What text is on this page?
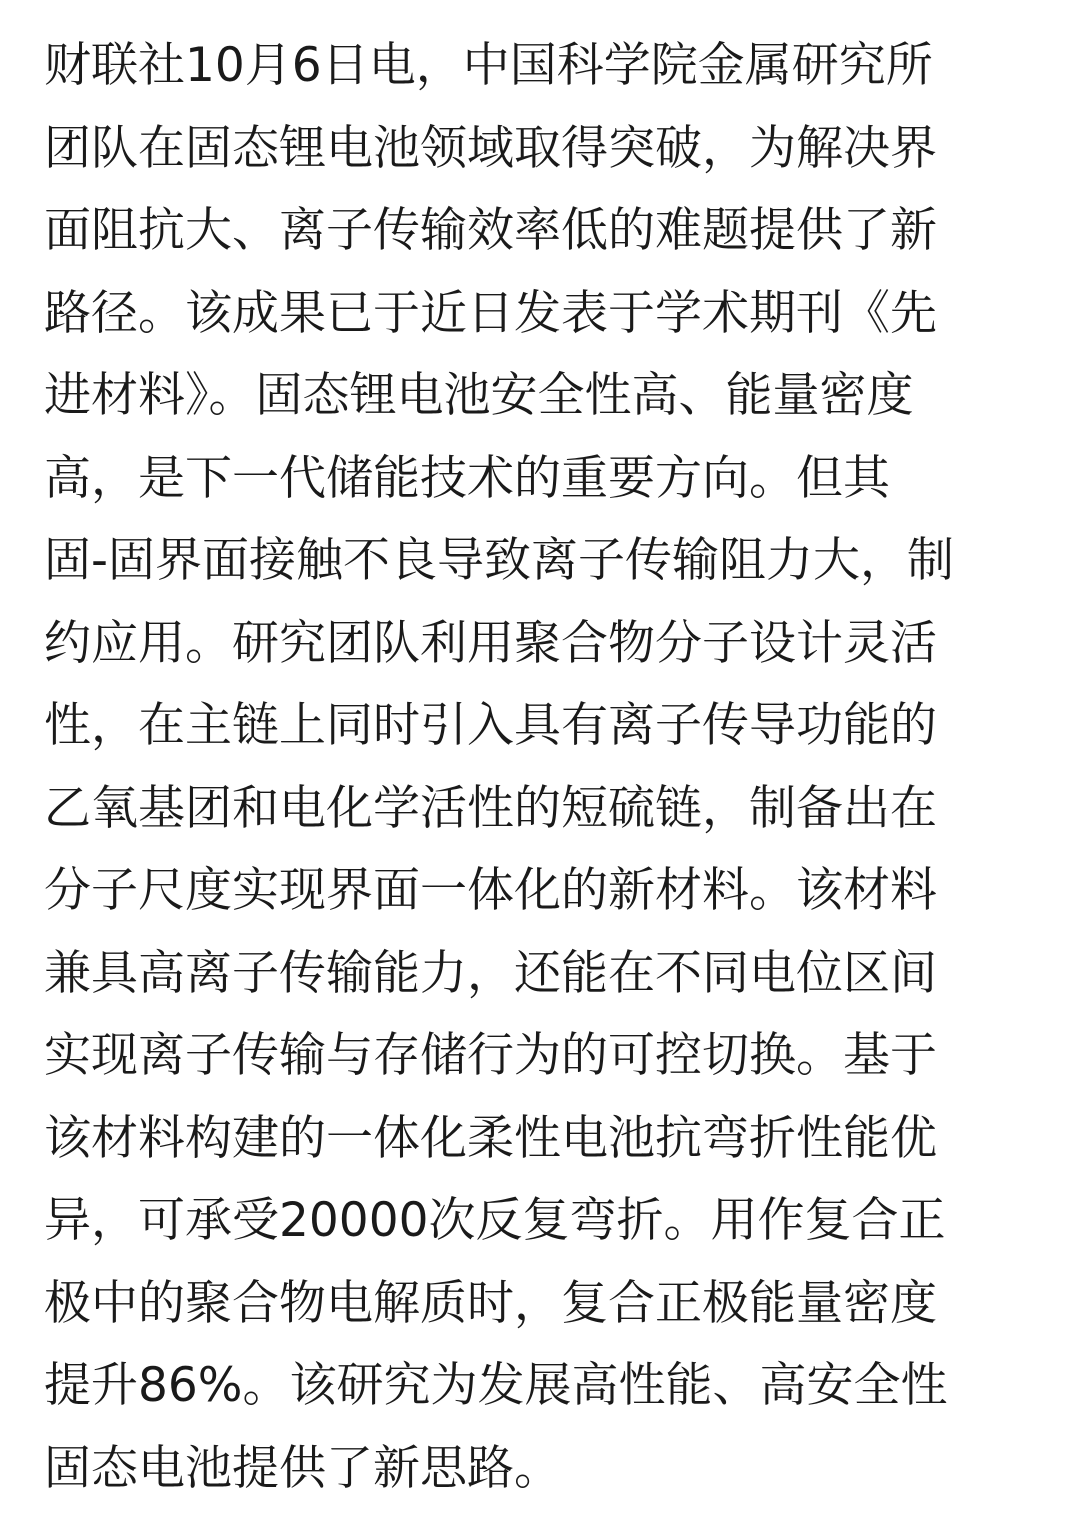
财联社10月6日电，中国科学院金属研究所
团队在固态锂电池领域取得突破，为解决界
面阻抗大、离子传输效率低的难题提供了新
路径。该成果已于近日发表于学术期刊《先
进材料》。固态锂电池安全性高、能量密度
高，是下一代储能技术的重要方向。但其
固-固界面接触不良导致离子传输阻力大，制
约应用。研究团队利用聚合物分子设计灵活
性，在主链上同时引入具有离子传导功能的
乙氧基团和电化学活性的短硫链，制备出在
分子尺度实现界面一体化的新材料。该材料
兼具高离子传输能力，还能在不同电位区间
实现离子传输与存储行为的可控切换。基于
该材料构建的一体化柔性电池抗弯折性能优
异，可承受20000次反复弯折。用作复合正
极中的聚合物电解质时，复合正极能量密度
提升86%。该研究为发展高性能、高安全性
固态电池提供了新思路。
